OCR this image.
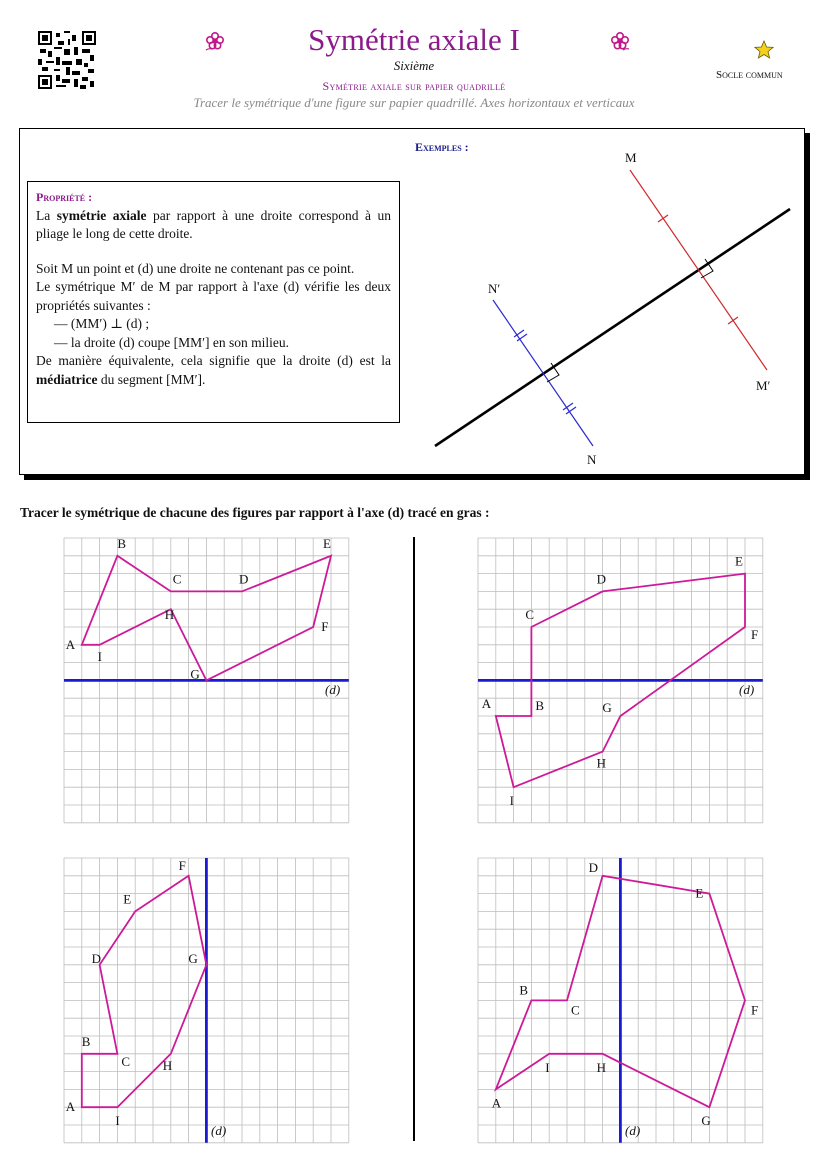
Symétrie axiale I
Sixième
Symétrie axiale sur papier quadrillé
Tracer le symétrique d'une figure sur papier quadrillé. Axes horizontaux et verticaux
Socle commun
Exemples :
Propriété :

La symétrie axiale par rapport à une droite correspond à un pliage le long de cette droite.

Soit M un point et (d) une droite ne contenant pas ce point.

Le symétrique M′ de M par rapport à l'axe (d) vérifie les deux propriétés suivantes :

— (MM′) ⊥ (d) ;

— la droite (d) coupe [MM′] en son milieu.

De manière équivalente, cela signifie que la droite (d) est la médiatrice du segment [MM′].

M
M′
N′
N
Tracer le symétrique de chacune des figures par rapport à l'axe (d) tracé en gras :
(d)
A
B
C	D
E
F
G
H
I
(d)
A	B
C
D
E
F
G
H
I
(d)
A
B
C
D
E
F
G
H
I
(d)
A
B
C
D
E
F
G
H
I
